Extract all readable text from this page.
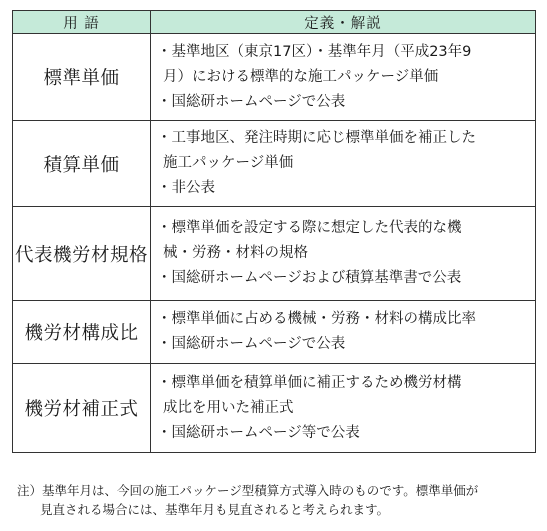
用 語	定義・解説
標準単価	・基準地区（東京17区）・基準年月（平成23年9
月）における標準的な施工パッケージ単価
・国総研ホームページで公表

積算単価	・工事地区、発注時期に応じ標準単価を補正した
施工パッケージ単価
・非公表

代表機労材規格	・標準単価を設定する際に想定した代表的な機
械・労務・材料の規格
・国総研ホームページおよび積算基準書で公表

機労材構成比	・標準単価に占める機械・労務・材料の構成比率
・国総研ホームページで公表

機労材補正式	・標準単価を積算単価に補正するため機労材構
成比を用いた補正式
・国総研ホームページ等で公表
注）基準年月は、今回の施工パッケージ型積算方式導入時のものです。標準単価が
見直される場合には、基準年月も見直されると考えられます。
